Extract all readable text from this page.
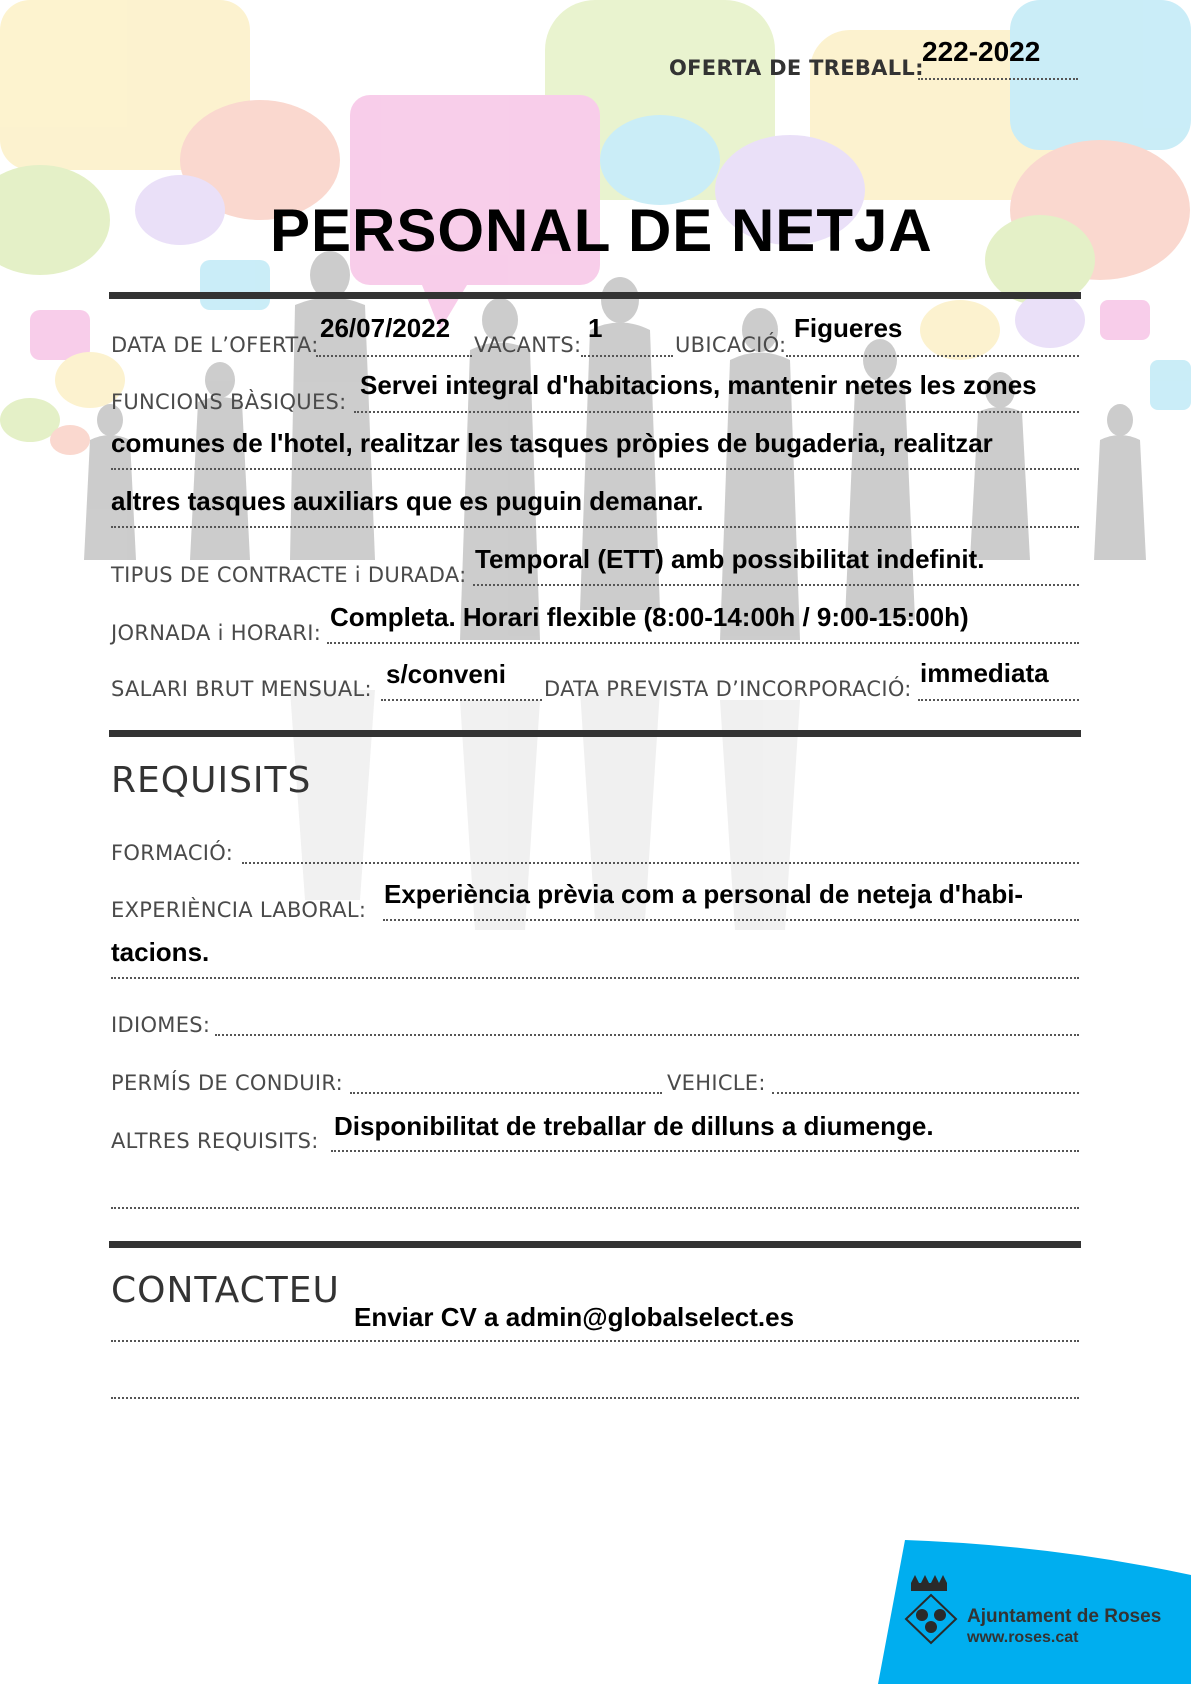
OFERTA DE TREBALL:
222-2022
PERSONAL DE NETJA
DATA DE L’OFERTA:
26/07/2022
VACANTS:
1
UBICACIÓ:
Figueres
FUNCIONS BÀSIQUES:
Servei integral d'habitacions, mantenir netes les zones
comunes de l'hotel, realitzar les tasques pròpies de bugaderia, realitzar
altres tasques auxiliars que es puguin demanar.
TIPUS DE CONTRACTE i DURADA:
Temporal (ETT) amb possibilitat indefinit.
JORNADA i HORARI:
Completa. Horari flexible (8:00-14:00h / 9:00-15:00h)
SALARI BRUT MENSUAL: s/conveni DATA PREVISTA D’INCORPORACIÓ:
immediata
REQUISITS
FORMACIÓ:
EXPERIÈNCIA LABORAL:
Experiència prèvia com a personal de neteja d'habi-
tacions.
IDIOMES:
PERMÍS DE CONDUIR:	VEHICLE:
ALTRES REQUISITS: Disponibilitat de treballar de dilluns a diumenge.
CONTACTEU
Enviar CV a admin@globalselect.es
Ajuntament de Roses
www.roses.cat
